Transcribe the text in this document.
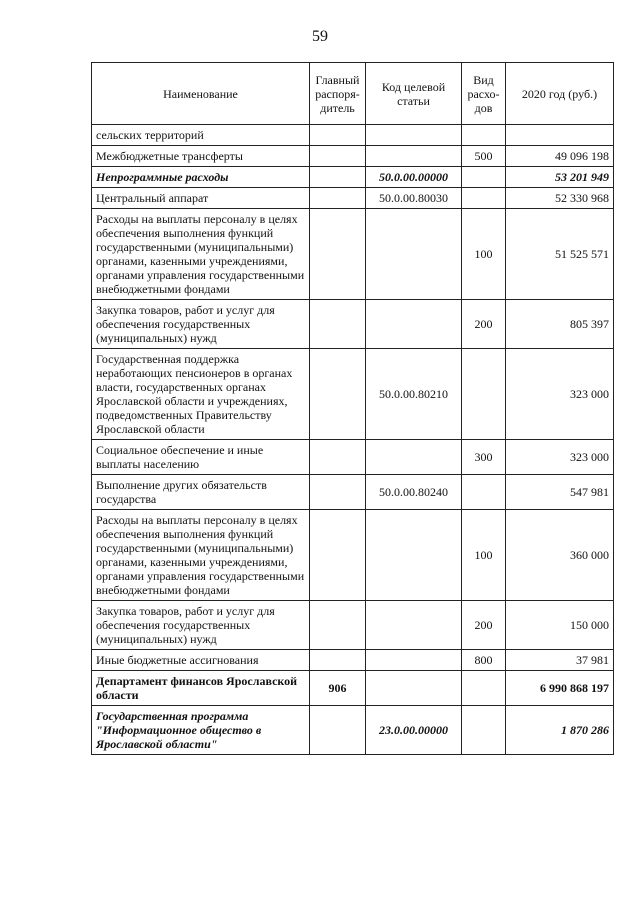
59
Наименование	Главный распоря-дитель	Код целевой статьи	Вид расхо-дов	2020 год (руб.)
сельских территорий				
Межбюджетные трансферты			500	49 096 198
Непрограммные расходы		50.0.00.00000		53 201 949
Центральный аппарат		50.0.00.80030		52 330 968
Расходы на выплаты персоналу в целях обеспечения выполнения функций государственными (муниципальными) органами, казенными учреждениями, органами управления государственными внебюджетными фондами			100	51 525 571
Закупка товаров, работ и услуг для обеспечения государственных (муниципальных) нужд			200	805 397
Государственная поддержка неработающих пенсионеров в органах власти, государственных органах Ярославской области и учреждениях, подведомственных Правительству Ярославской области		50.0.00.80210		323 000
Социальное обеспечение и иные выплаты населению			300	323 000
Выполнение других обязательств государства		50.0.00.80240		547 981
Расходы на выплаты персоналу в целях обеспечения выполнения функций государственными (муниципальными) органами, казенными учреждениями, органами управления государственными внебюджетными фондами			100	360 000
Закупка товаров, работ и услуг для обеспечения государственных (муниципальных) нужд			200	150 000
Иные бюджетные ассигнования			800	37 981
Департамент финансов Ярославской области	906			6 990 868 197
Государственная программа "Информационное общество в Ярославской области"		23.0.00.00000		1 870 286
